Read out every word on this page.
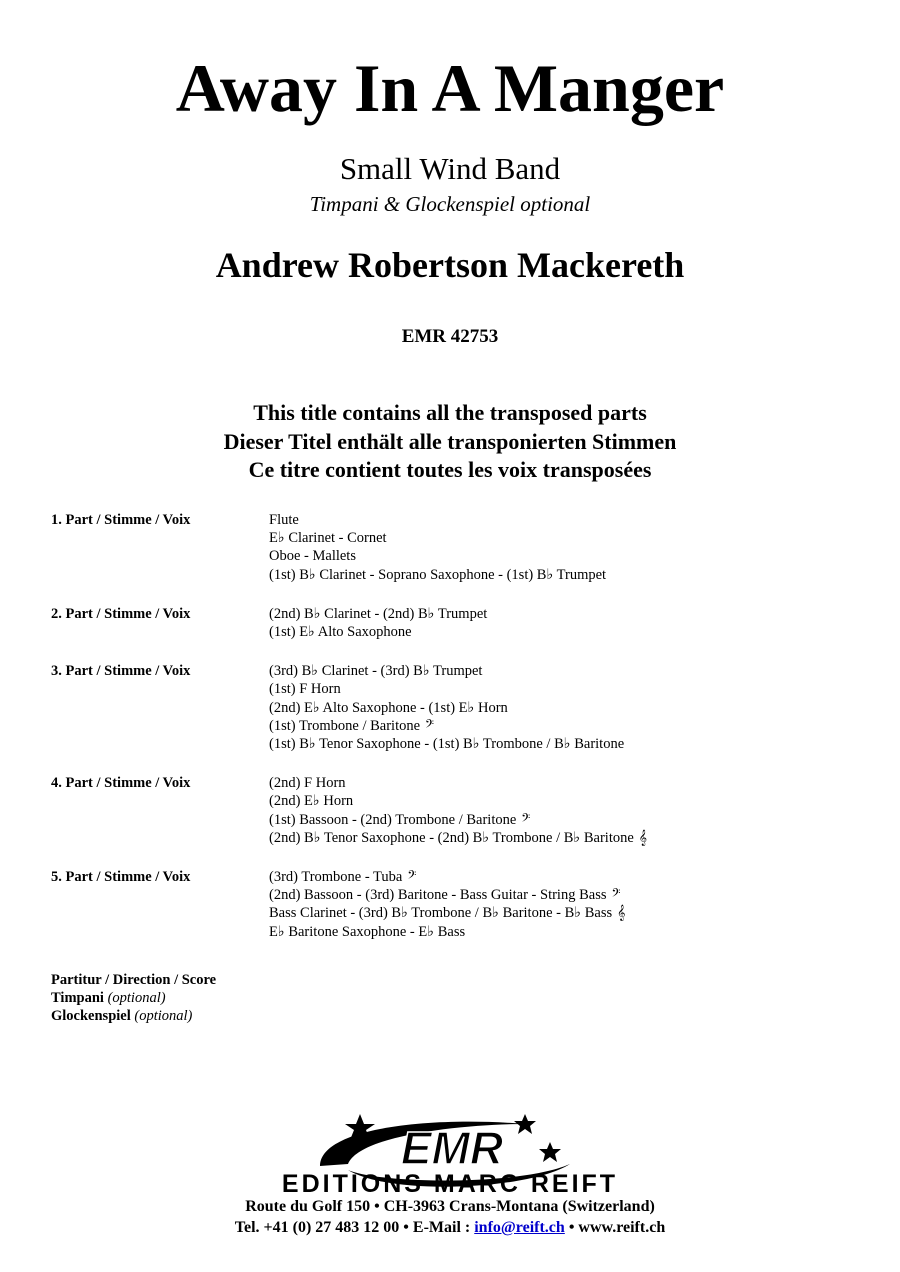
Away In A Manger
Small Wind Band
Timpani & Glockenspiel optional
Andrew Robertson Mackereth
EMR 42753
This title contains all the transposed parts
Dieser Titel enthält alle transponierten Stimmen
Ce titre contient toutes les voix transposées
1. Part / Stimme / Voix	Flute
E♭ Clarinet - Cornet
Oboe - Mallets
(1st) B♭ Clarinet - Soprano Saxophone - (1st) B♭ Trumpet
2. Part / Stimme / Voix	(2nd) B♭ Clarinet - (2nd) B♭ Trumpet
(1st) E♭ Alto Saxophone
3. Part / Stimme / Voix	(3rd) B♭ Clarinet - (3rd) B♭ Trumpet
(1st) F Horn
(2nd) E♭ Alto Saxophone - (1st) E♭ Horn
(1st) Trombone / Baritone 𝄢
(1st) B♭ Tenor Saxophone - (1st) B♭ Trombone / B♭ Baritone
4. Part / Stimme / Voix	(2nd) F Horn
(2nd) E♭ Horn
(1st) Bassoon - (2nd) Trombone / Baritone 𝄢
(2nd) B♭ Tenor Saxophone - (2nd) B♭ Trombone / B♭ Baritone 𝄞
5. Part / Stimme / Voix	(3rd) Trombone - Tuba 𝄢
(2nd) Bassoon - (3rd) Baritone - Bass Guitar - String Bass 𝄢
Bass Clarinet - (3rd) B♭ Trombone / B♭ Baritone - B♭ Bass 𝄞
E♭ Baritone Saxophone - E♭ Bass
Partitur / Direction / Score
Timpani (optional)
Glockenspiel (optional)
EMR
EDITIONS MARC REIFT
Route du Golf 150 • CH-3963 Crans-Montana (Switzerland)
Tel. +41 (0) 27 483 12 00 • E-Mail : info@reift.ch • www.reift.ch
